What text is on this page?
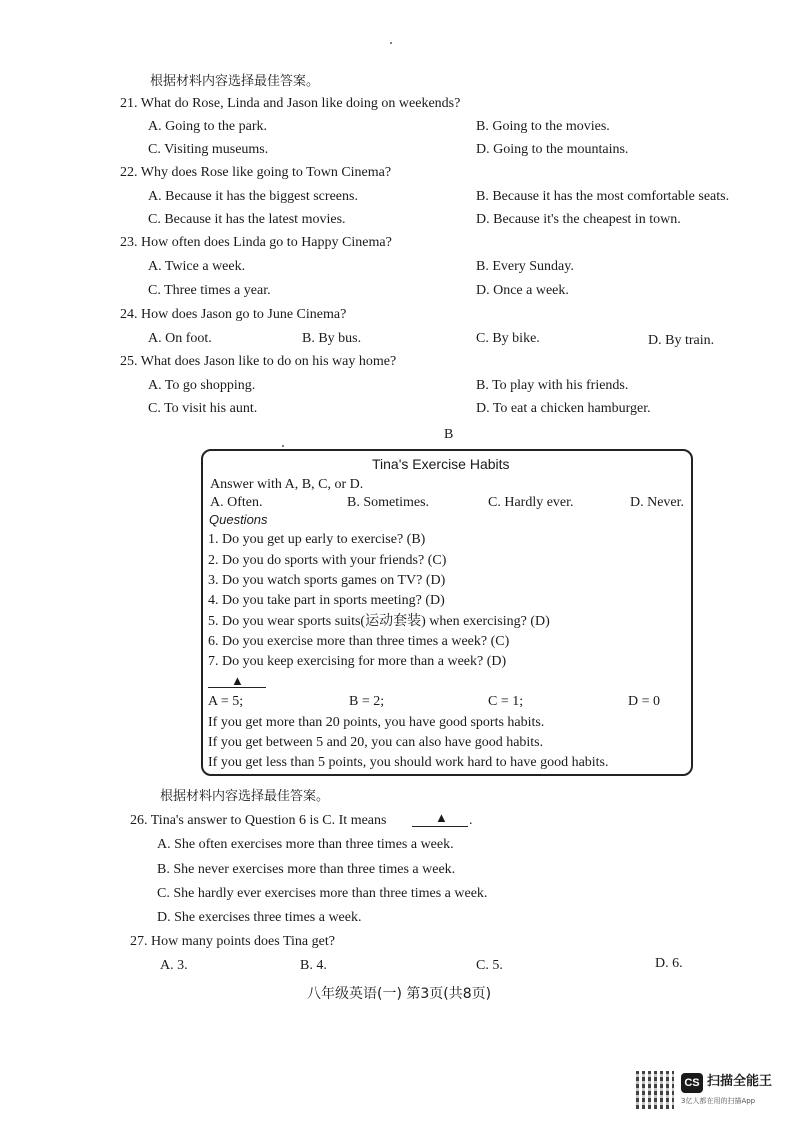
根据材料内容选择最佳答案。
21. What do Rose, Linda and Jason like doing on weekends?
A. Going to the park.	B. Going to the movies.
C. Visiting museums.	D. Going to the mountains.
22. Why does Rose like going to Town Cinema?
A. Because it has the biggest screens.	B. Because it has the most comfortable seats.
C. Because it has the latest movies.	D. Because it's the cheapest in town.
23. How often does Linda go to Happy Cinema?
A. Twice a week.	B. Every Sunday.
C. Three times a year.	D. Once a week.
24. How does Jason go to June Cinema?
A. On foot.	B. By bus.	C. By bike.	D. By train.
25. What does Jason like to do on his way home?
A. To go shopping.	B. To play with his friends.
C. To visit his aunt.	D. To eat a chicken hamburger.
B
Tina's Exercise Habits
Answer with A, B, C, or D.
A. Often.	B. Sometimes.	C. Hardly ever.	D. Never.
Questions
1. Do you get up early to exercise? (B)
2. Do you do sports with your friends? (C)
3. Do you watch sports games on TV? (D)
4. Do you take part in sports meeting? (D)
5. Do you wear sports suits(运动套装) when exercising? (D)
6. Do you exercise more than three times a week? (C)
7. Do you keep exercising for more than a week? (D)
▲
A = 5;	B = 2;	C = 1;	D = 0
If you get more than 20 points, you have good sports habits.
If you get between 5 and 20, you can also have good habits.
If you get less than 5 points, you should work hard to have good habits.
根据材料内容选择最佳答案。
26. Tina's answer to Question 6 is C. It means	▲ .
A. She often exercises more than three times a week.
B. She never exercises more than three times a week.
C. She hardly ever exercises more than three times a week.
D. She exercises three times a week.
27. How many points does Tina get?
A. 3.	B. 4.	C. 5.	D. 6.
八年级英语(一) 第3页(共8页)
CS 扫描全能王
3亿人都在用的扫描App
